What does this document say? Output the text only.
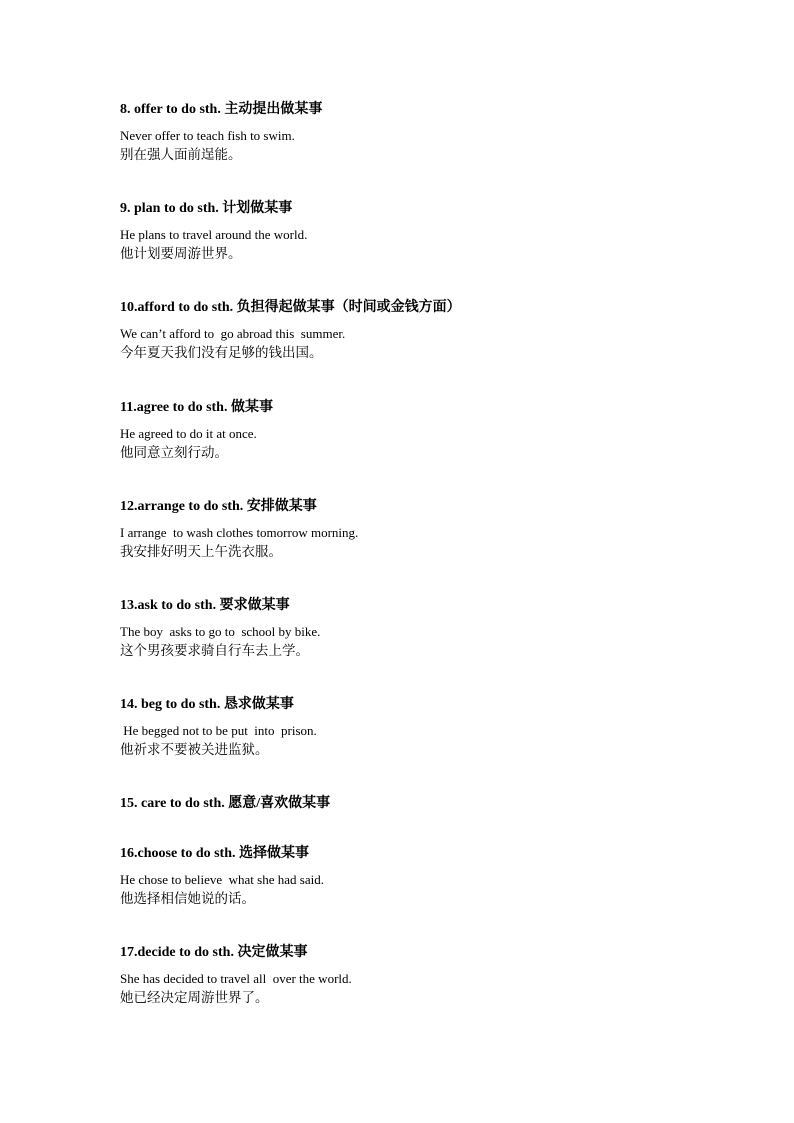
8. offer to do sth. 主动提出做某事
Never offer to teach fish to swim.
别在强人面前逞能。
9. plan to do sth. 计划做某事
He plans to travel around the world.
他计划要周游世界。
10.afford to do sth. 负担得起做某事（时间或金钱方面）
We can’t afford to  go abroad this  summer.
今年夏天我们没有足够的钱出国。
11.agree to do sth. 做某事
He agreed to do it at once.
他同意立刻行动。
12.arrange to do sth. 安排做某事
I arrange  to wash clothes tomorrow morning.
我安排好明天上午洗衣服。
13.ask to do sth. 要求做某事
The boy  asks to go to  school by bike.
这个男孩要求骑自行车去上学。
14. beg to do sth. 恳求做某事
He begged not to be put  into  prison.
他祈求不要被关进监狱。
15. care to do sth. 愿意/喜欢做某事
16.choose to do sth. 选择做某事
He chose to believe  what she had said.
他选择相信她说的话。
17.decide to do sth. 决定做某事
She has decided to travel all  over the world.
她已经决定周游世界了。
